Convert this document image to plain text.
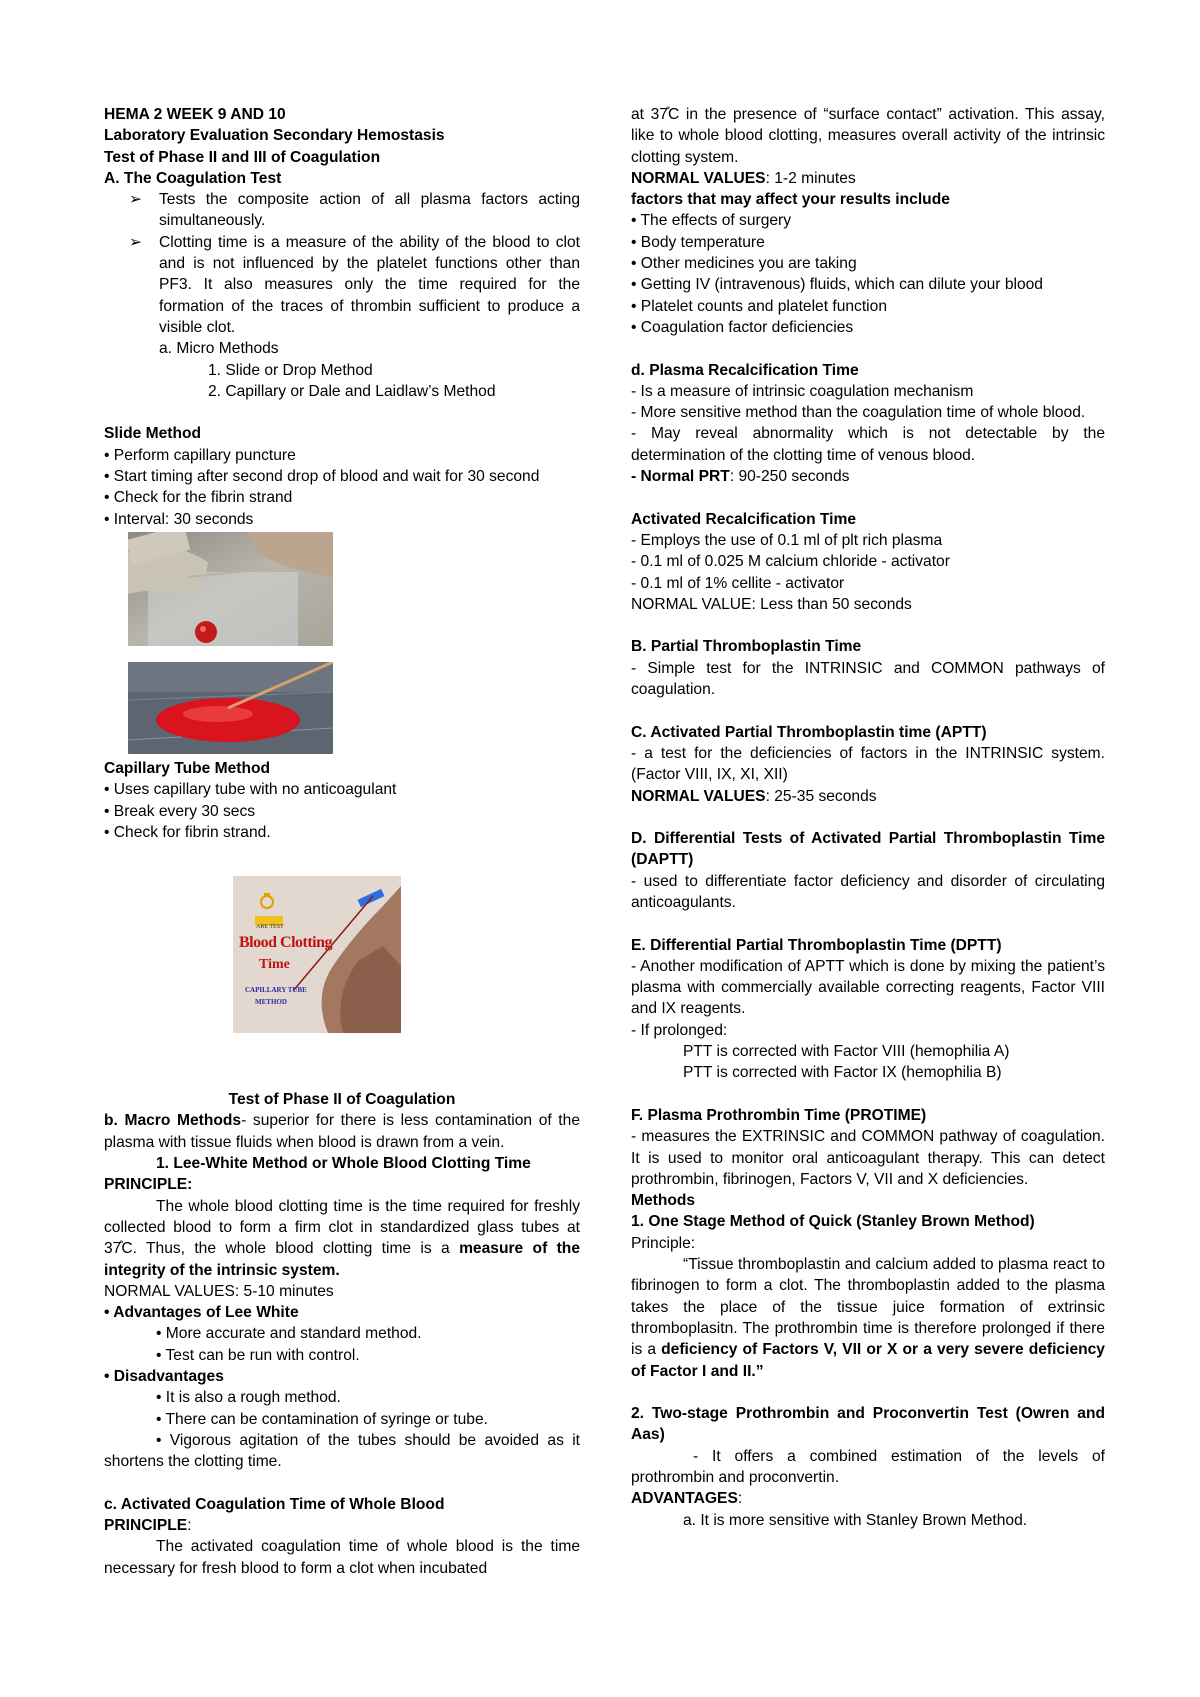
HEMA 2 WEEK 9 AND 10

Laboratory Evaluation Secondary Hemostasis

Test of Phase II and III of Coagulation

A. The Coagulation Test

➢	Tests the composite action of all plasma factors acting simultaneously.
➢	Clotting time is a measure of the ability of the blood to clot and is not influenced by the platelet functions other than PF3. It also measures only the time required for the formation of the traces of thrombin sufficient to produce a visible clot.

a. Micro Methods

1. Slide or Drop Method

2. Capillary or Dale and Laidlaw’s Method

Slide Method

• Perform capillary puncture

• Start timing after second drop of blood and wait for 30 second

• Check for the fibrin strand

• Interval: 30 seconds

Capillary Tube Method

• Uses capillary tube with no anticoagulant

• Break every 30 secs

• Check for fibrin strand.

ARE TEST
Blood Clotting
Time
CAPILLARY TUBE
METHOD

Test of Phase II of Coagulation

b. Macro Methods- superior for there is less contamination of the plasma with tissue fluids when blood is drawn from a vein.

1. Lee-White Method or Whole Blood Clotting Time

PRINCIPLE:

The whole blood clotting time is the time required for freshly collected blood to form a firm clot in standardized glass tubes at 37̊C. Thus, the whole blood clotting time is a measure of the integrity of the intrinsic system.

NORMAL VALUES: 5-10 minutes

• Advantages of Lee White

• More accurate and standard method.

• Test can be run with control.

• Disadvantages

• It is also a rough method.

• There can be contamination of syringe or tube.

• Vigorous agitation of the tubes should be avoided as it shortens the clotting time.

c. Activated Coagulation Time of Whole Blood

PRINCIPLE:

The activated coagulation time of whole blood is the time necessary for fresh blood to form a clot when incubated

at 37̊C in the presence of “surface contact” activation. This assay, like to whole blood clotting, measures overall activity of the intrinsic clotting system.

NORMAL VALUES: 1-2 minutes

factors that may affect your results include

• The effects of surgery

• Body temperature

• Other medicines you are taking

• Getting IV (intravenous) fluids, which can dilute your blood

• Platelet counts and platelet function

• Coagulation factor deficiencies

d. Plasma Recalcification Time

- Is a measure of intrinsic coagulation mechanism

- More sensitive method than the coagulation time of whole blood.

- May reveal abnormality which is not detectable by the determination of the clotting time of venous blood.

- Normal PRT: 90-250 seconds

Activated Recalcification Time

- Employs the use of 0.1 ml of plt rich plasma

- 0.1 ml of 0.025 M calcium chloride - activator

- 0.1 ml of 1% cellite - activator

NORMAL VALUE: Less than 50 seconds

B. Partial Thromboplastin Time

- Simple test for the INTRINSIC and COMMON pathways of coagulation.

C. Activated Partial Thromboplastin time (APTT)

- a test for the deficiencies of factors in the INTRINSIC system. (Factor VIII, IX, XI, XII)

NORMAL VALUES: 25-35 seconds

D. Differential Tests of Activated Partial Thromboplastin Time (DAPTT)

- used to differentiate factor deficiency and disorder of circulating anticoagulants.

E. Differential Partial Thromboplastin Time (DPTT)

- Another modification of APTT which is done by mixing the patient’s plasma with commercially available correcting reagents, Factor VIII and IX reagents.

- If prolonged:

PTT is corrected with Factor VIII (hemophilia A)

PTT is corrected with Factor IX (hemophilia B)

F. Plasma Prothrombin Time (PROTIME)

- measures the EXTRINSIC and COMMON pathway of coagulation. It is used to monitor oral anticoagulant therapy. This can detect prothrombin, fibrinogen, Factors V, VII and X deficiencies.

Methods

1. One Stage Method of Quick (Stanley Brown Method)

Principle:

“Tissue thromboplastin and calcium added to plasma react to fibrinogen to form a clot. The thromboplastin added to the plasma takes the place of the tissue juice formation of extrinsic thromboplasitn. The prothrombin time is therefore prolonged if there is a deficiency of Factors V, VII or X or a very severe deficiency of Factor I and II.”

2. Two-stage Prothrombin and Proconvertin Test (Owren and Aas)

- It offers a combined estimation of the levels of prothrombin and proconvertin.

ADVANTAGES:

a. It is more sensitive with Stanley Brown Method.
